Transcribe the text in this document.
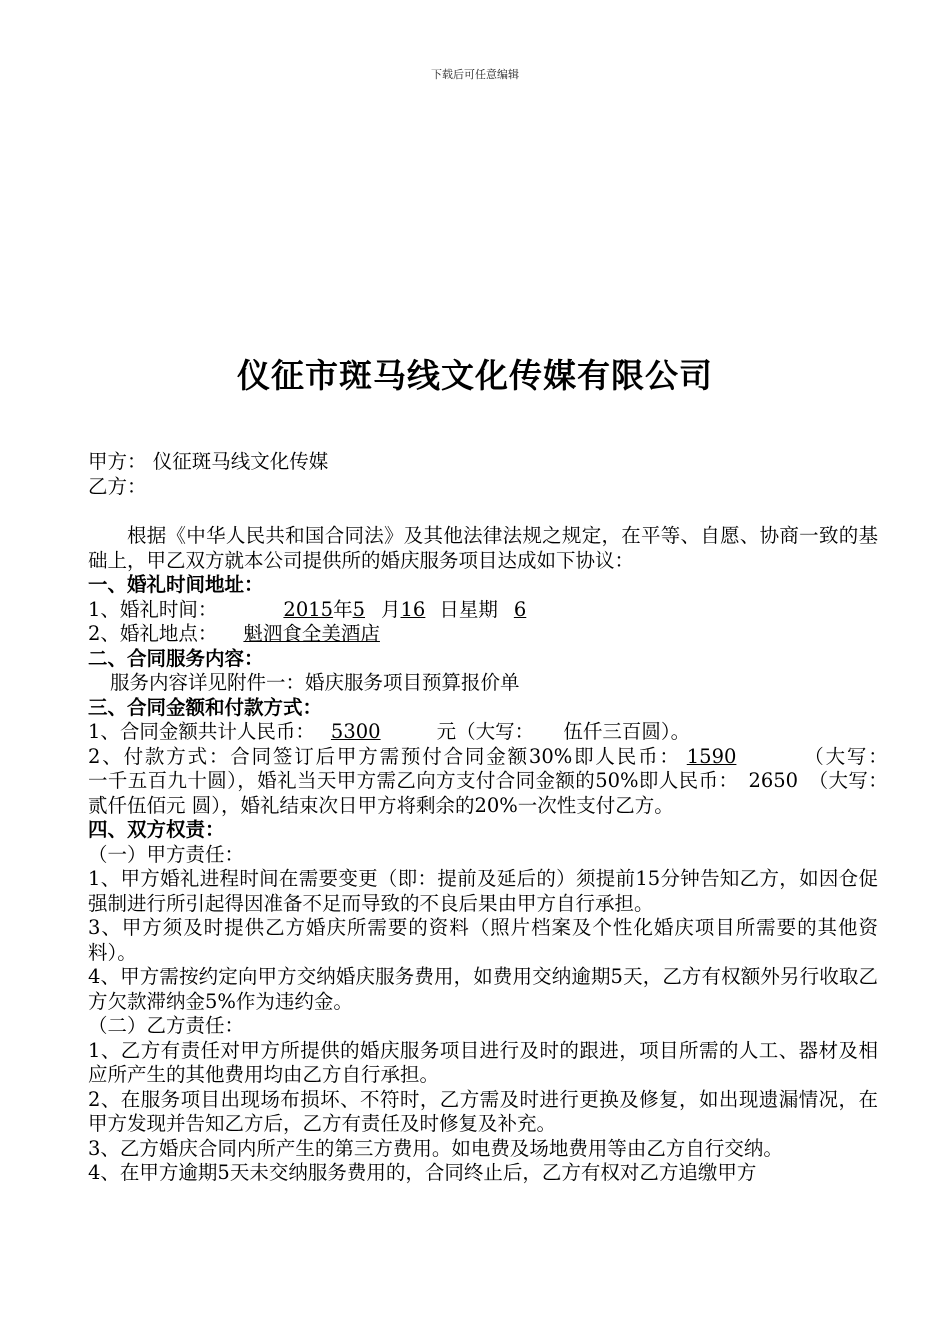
下载后可任意编辑
仪征市斑马线文化传媒有限公司
甲方： 仪征斑马线文化传媒
乙方：
根据《中华人民共和国合同法》及其他法律法规之规定，在平等、自愿、协商一致的基础上，甲乙双方就本公司提供所的婚庆服务项目达成如下协议：
一、婚礼时间地址：
1、婚礼时间：	2015年5 月16 日星期 6
2、婚礼地点： 魁泗食全美酒店
二、合同服务内容：
服务内容详见附件一：婚庆服务项目预算报价单
三、合同金额和付款方式：
1、合同金额共计人民币： 5300	元（大写：　　伍仟三百圆）。
2、付款方式：合同签订后甲方需预付合同金额30%即人民币： 1590	（大写：　　一千五百九十圆），婚礼当天甲方需乙向方支付合同金额的50%即人民币：　2650　（大写：　贰仟伍佰元 圆），婚礼结束次日甲方将剩余的20%一次性支付乙方。
四、双方权责：
（一）甲方责任：
1、甲方婚礼进程时间在需要变更（即：提前及延后的）须提前15分钟告知乙方，如因仓促强制进行所引起得因准备不足而导致的不良后果由甲方自行承担。
3、甲方须及时提供乙方婚庆所需要的资料（照片档案及个性化婚庆项目所需要的其他资料）。
4、甲方需按约定向甲方交纳婚庆服务费用，如费用交纳逾期5天，乙方有权额外另行收取乙方欠款滞纳金5%作为违约金。
（二）乙方责任：
1、乙方有责任对甲方所提供的婚庆服务项目进行及时的跟进，项目所需的人工、器材及相应所产生的其他费用均由乙方自行承担。
2、在服务项目出现场布损坏、不符时，乙方需及时进行更换及修复，如出现遗漏情况，在甲方发现并告知乙方后，乙方有责任及时修复及补充。
3、乙方婚庆合同内所产生的第三方费用。如电费及场地费用等由乙方自行交纳。
4、在甲方逾期5天未交纳服务费用的，合同终止后，乙方有权对乙方追缴甲方
